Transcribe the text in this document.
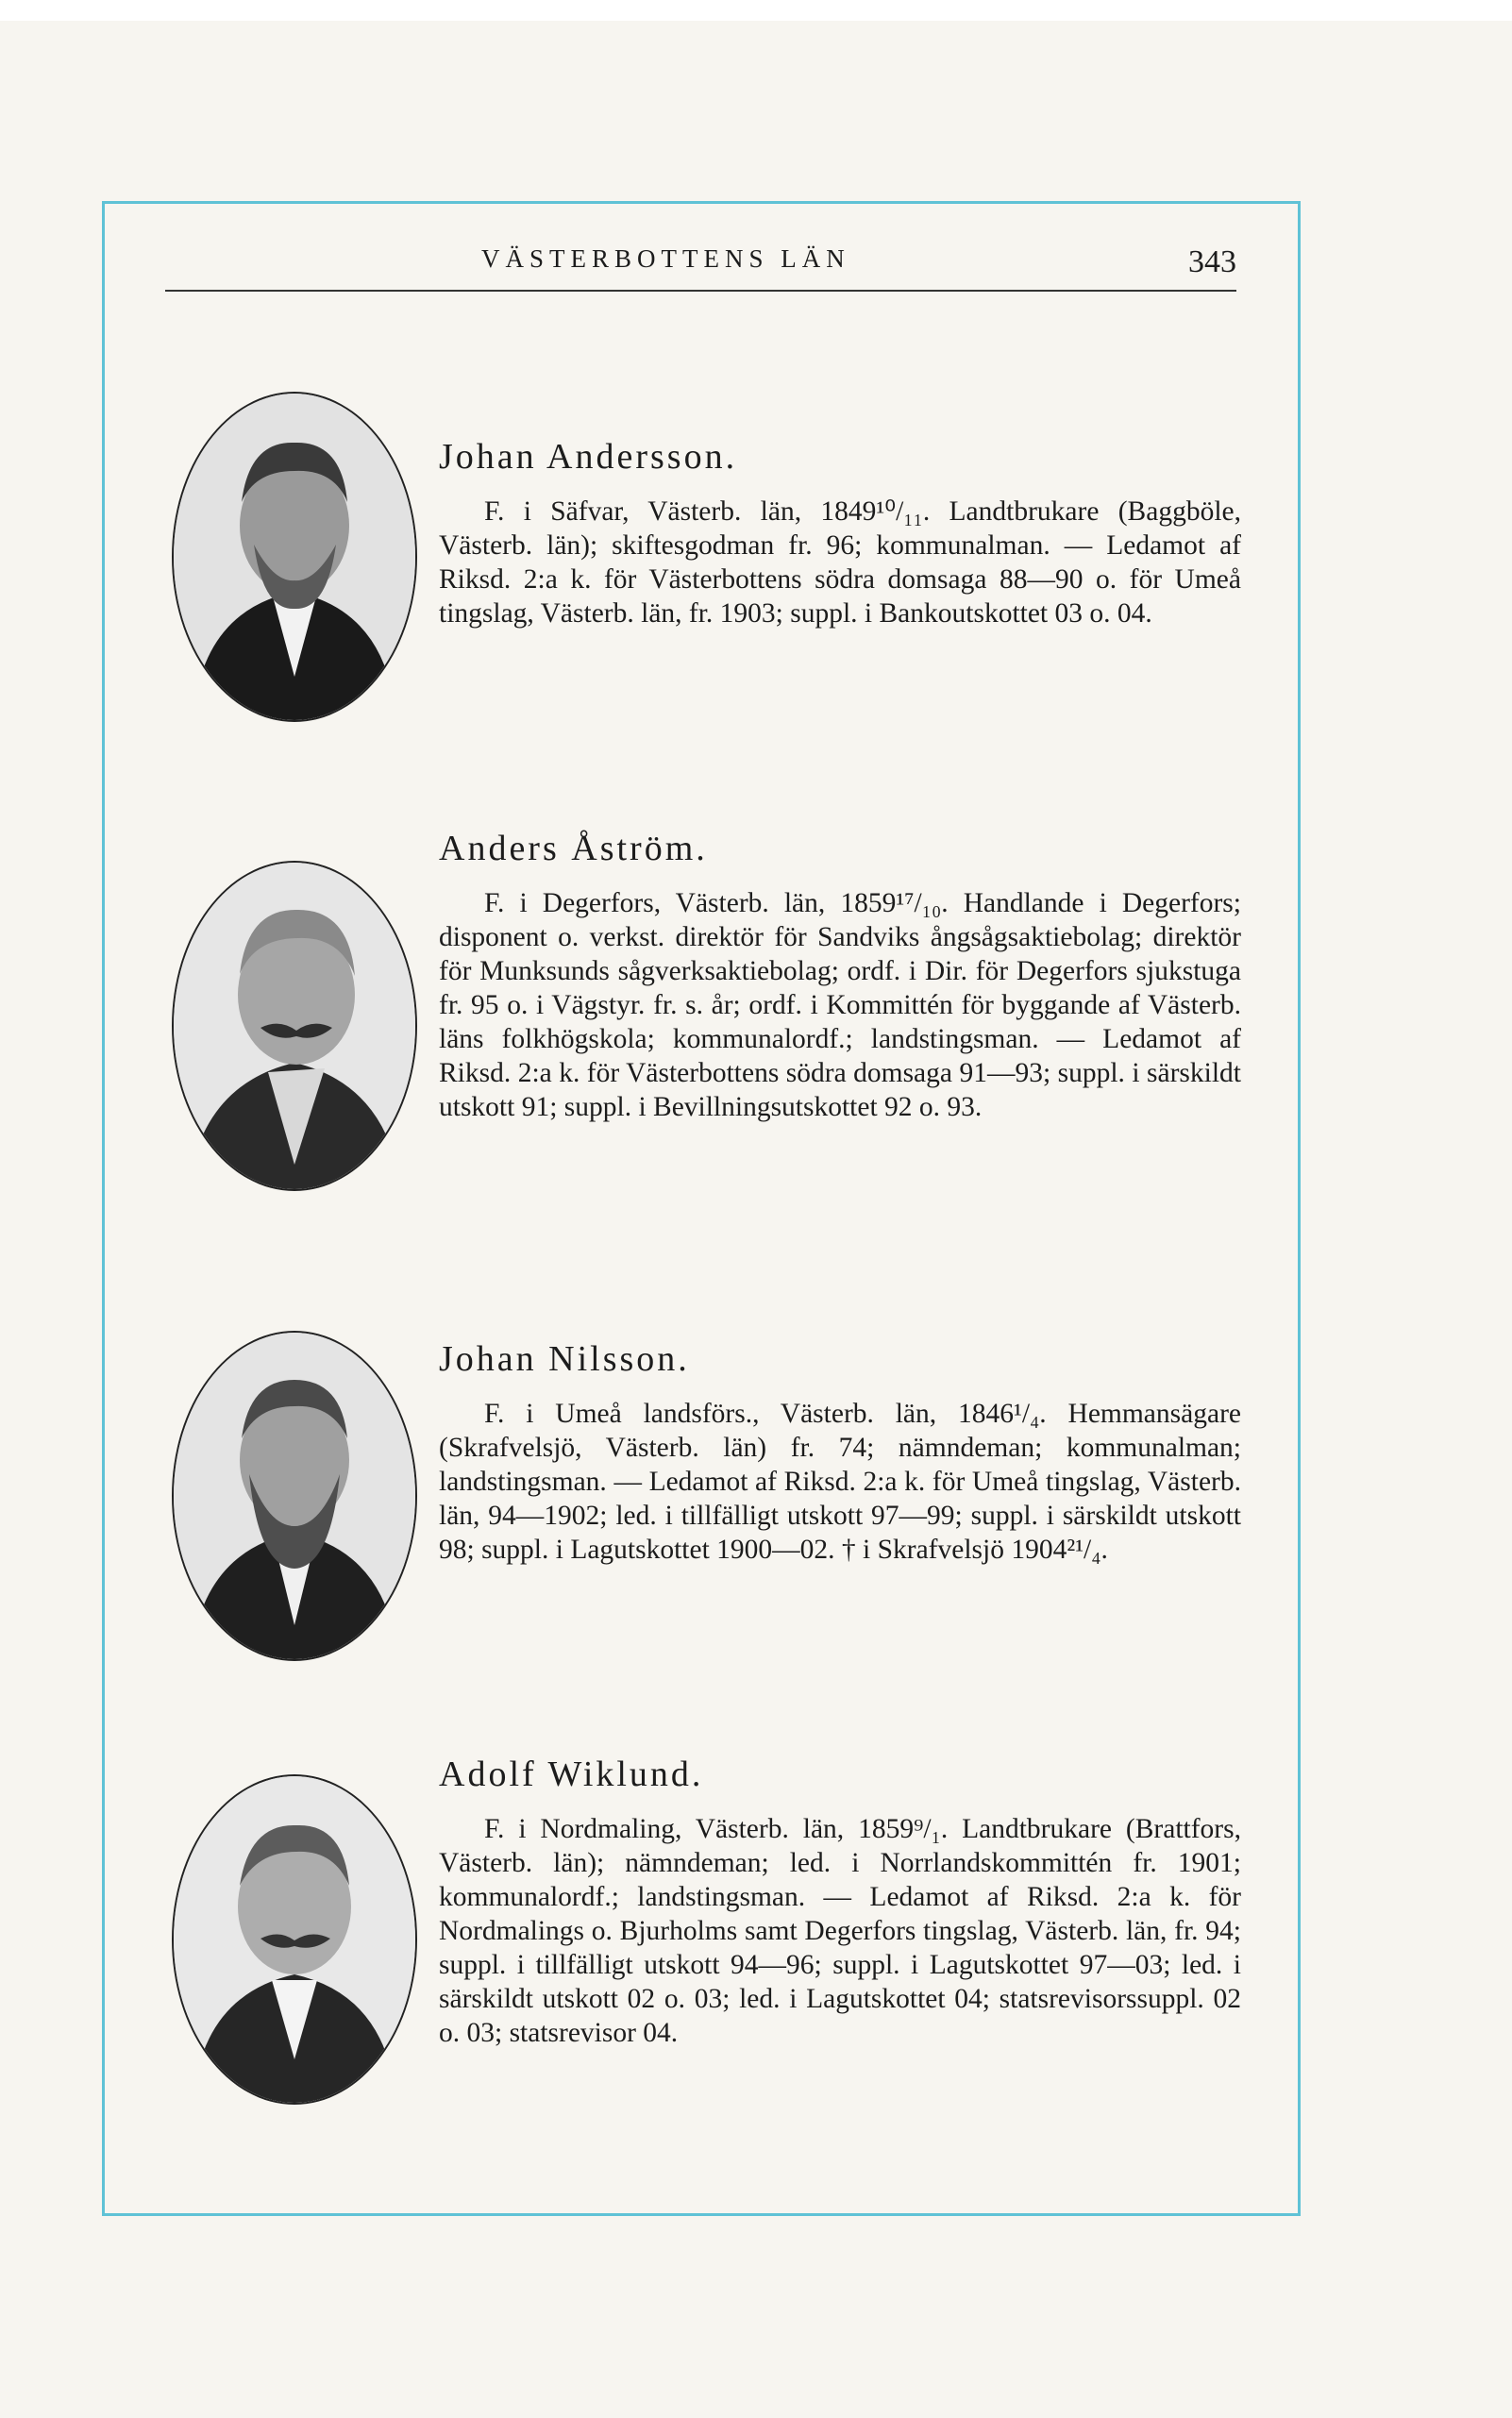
VÄSTERBOTTENS LÄN	343
Johan Andersson.

F. i Säfvar, Västerb. län, 1849¹⁰/₁₁. Landtbrukare (Baggböle, Västerb. län); skiftesgodman fr. 96; kommunalman. — Ledamot af Riksd. 2:a k. för Västerbottens södra domsaga 88—90 o. för Umeå tingslag, Västerb. län, fr. 1903; suppl. i Bankoutskottet 03 o. 04.

Anders Åström.

F. i Degerfors, Västerb. län, 1859¹⁷/₁₀. Handlande i Degerfors; disponent o. verkst. direktör för Sandviks ångsågsaktiebolag; direktör för Munksunds sågverksaktiebolag; ordf. i Dir. för Degerfors sjukstuga fr. 95 o. i Vägstyr. fr. s. år; ordf. i Kommittén för byggande af Västerb. läns folkhögskola; kommunalordf.; landstingsman. — Ledamot af Riksd. 2:a k. för Västerbottens södra domsaga 91—93; suppl. i särskildt utskott 91; suppl. i Bevillningsutskottet 92 o. 93.

Johan Nilsson.

F. i Umeå landsförs., Västerb. län, 1846¹/₄. Hemmansägare (Skrafvelsjö, Västerb. län) fr. 74; nämndeman; kommunalman; landstingsman. — Ledamot af Riksd. 2:a k. för Umeå tingslag, Västerb. län, 94—1902; led. i tillfälligt utskott 97—99; suppl. i särskildt utskott 98; suppl. i Lagutskottet 1900—02. † i Skrafvelsjö 1904²¹/₄.

Adolf Wiklund.

F. i Nordmaling, Västerb. län, 1859⁹/₁. Landtbrukare (Brattfors, Västerb. län); nämndeman; led. i Norrlandskommittén fr. 1901; kommunalordf.; landstingsman. — Ledamot af Riksd. 2:a k. för Nordmalings o. Bjurholms samt Degerfors tingslag, Västerb. län, fr. 94; suppl. i tillfälligt utskott 94—96; suppl. i Lagutskottet 97—03; led. i särskildt utskott 02 o. 03; led. i Lagutskottet 04; statsrevisorssuppl. 02 o. 03; statsrevisor 04.
